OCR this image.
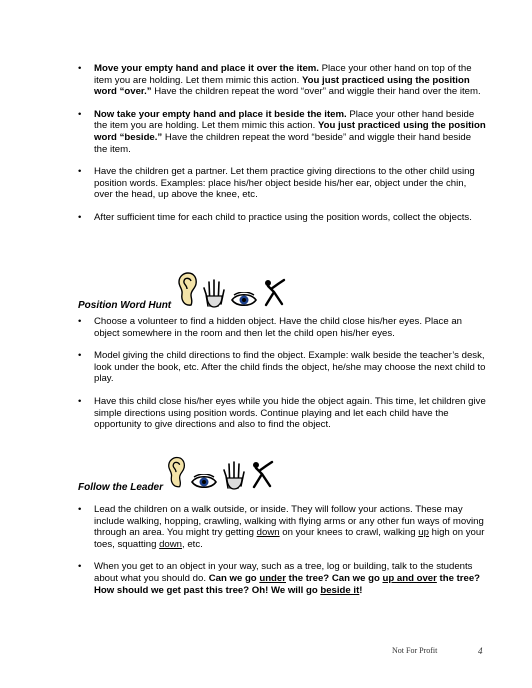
• Move your empty hand and place it over the item. Place your other hand on top of the item you are holding. Let them mimic this action. You just practiced using the position word “over.” Have the children repeat the word “over” and wiggle their hand over the item.
• Now take your empty hand and place it beside the item. Place your other hand beside the item you are holding. Let them mimic this action. You just practiced using the position word “beside.” Have the children repeat the word “beside” and wiggle their hand beside the item.
• Have the children get a partner. Let them practice giving directions to the other child using position words. Examples: place his/her object beside his/her ear, object under the chin, over the head, up above the knee, etc.
• After sufficient time for each child to practice using the position words, collect the objects.
Position Word Hunt
• Choose a volunteer to find a hidden object. Have the child close his/her eyes. Place an object somewhere in the room and then let the child open his/her eyes.
• Model giving the child directions to find the object. Example: walk beside the teacher’s desk, look under the book, etc. After the child finds the object, he/she may choose the next child to play.
• Have this child close his/her eyes while you hide the object again. This time, let children give simple directions using position words. Continue playing and let each child have the opportunity to give directions and also to find the object.
Follow the Leader
• Lead the children on a walk outside, or inside. They will follow your actions. These may include walking, hopping, crawling, walking with flying arms or any other fun ways of moving through an area. You might try getting down on your knees to crawl, walking up high on your toes, squatting down, etc.
• When you get to an object in your way, such as a tree, log or building, talk to the students about what you should do. Can we go under the tree? Can we go up and over the tree? How should we get past this tree? Oh! We will go beside it!
Not For Profit	4
